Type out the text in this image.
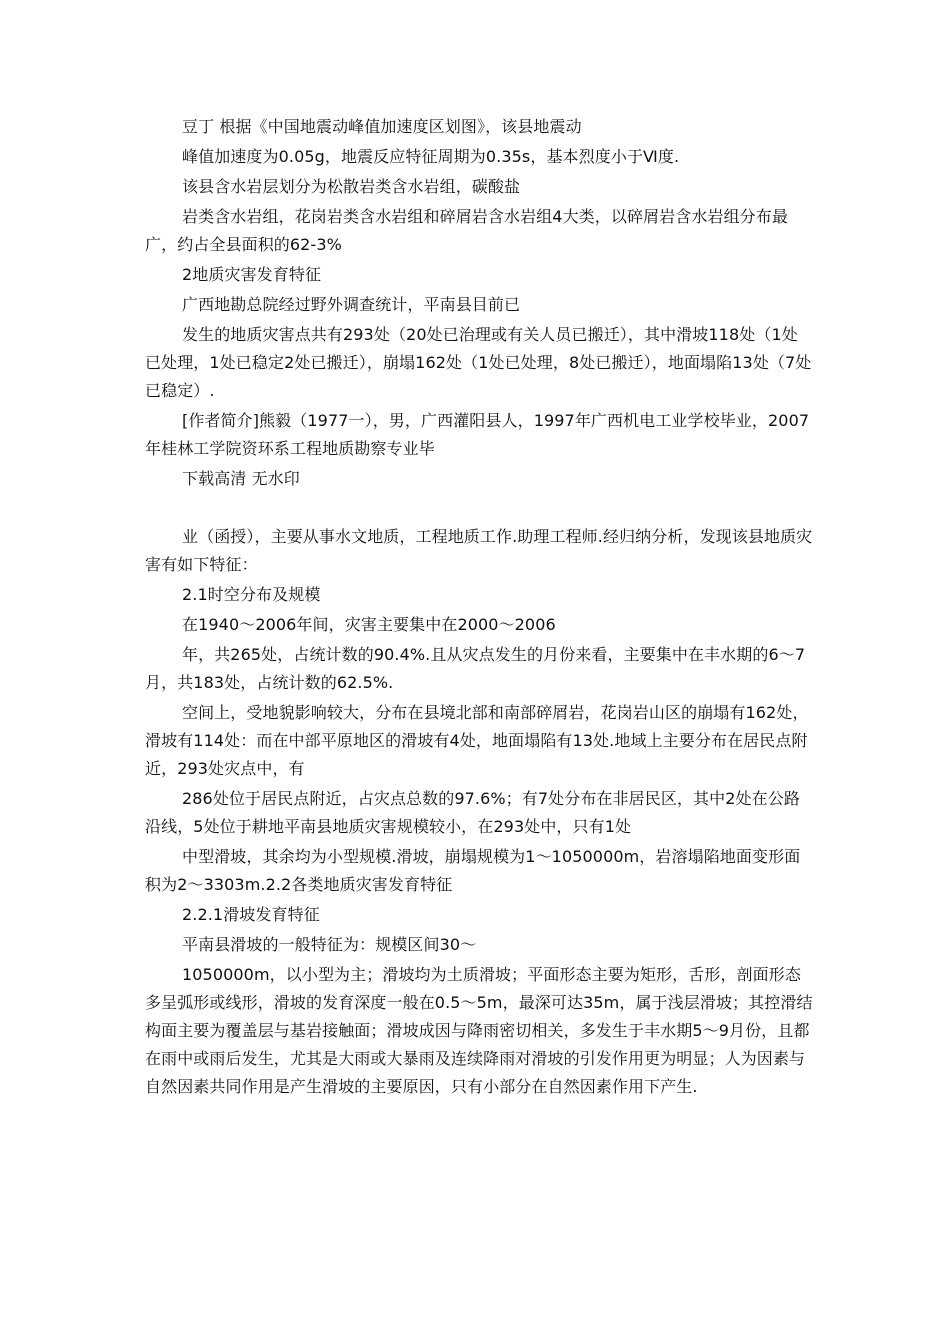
豆丁 根据《中国地震动峰值加速度区划图》，该县地震动

峰值加速度为0.05g，地震反应特征周期为0.35s，基本烈度小于Ⅵ度.

该县含水岩层划分为松散岩类含水岩组，碳酸盐

岩类含水岩组，花岗岩类含水岩组和碎屑岩含水岩组4大类，以碎屑岩含水岩组分布最广，约占全县面积的62-3%

2地质灾害发育特征

广西地勘总院经过野外调查统计，平南县目前已

发生的地质灾害点共有293处（20处已治理或有关人员已搬迁），其中滑坡118处（1处已处理，1处已稳定2处已搬迁），崩塌162处（1处已处理，8处已搬迁），地面塌陷13处（7处已稳定）.

[作者简介]熊毅（1977一），男，广西灌阳县人，1997年广西机电工业学校毕业，2007年桂林工学院资环系工程地质勘察专业毕

下载高清 无水印

业（函授），主要从事水文地质，工程地质工作.助理工程师.经归纳分析，发现该县地质灾害有如下特征：

2.1时空分布及规模

在1940～2006年间，灾害主要集中在2000～2006

年，共265处，占统计数的90.4%.且从灾点发生的月份来看，主要集中在丰水期的6～7月，共183处，占统计数的62.5%.

空间上，受地貌影响较大，分布在县境北部和南部碎屑岩，花岗岩山区的崩塌有162处，滑坡有114处：而在中部平原地区的滑坡有4处，地面塌陷有13处.地域上主要分布在居民点附近，293处灾点中，有

286处位于居民点附近，占灾点总数的97.6%；有7处分布在非居民区，其中2处在公路沿线，5处位于耕地平南县地质灾害规模较小，在293处中，只有1处

中型滑坡，其余均为小型规模.滑坡，崩塌规模为1～1050000m，岩溶塌陷地面变形面积为2～3303m.2.2各类地质灾害发育特征

2.2.1滑坡发育特征

平南县滑坡的一般特征为：规模区间30～

1050000m，以小型为主；滑坡均为土质滑坡；平面形态主要为矩形，舌形，剖面形态多呈弧形或线形，滑坡的发育深度一般在0.5～5m，最深可达35m，属于浅层滑坡；其控滑结构面主要为覆盖层与基岩接触面；滑坡成因与降雨密切相关，多发生于丰水期5～9月份，且都在雨中或雨后发生，尤其是大雨或大暴雨及连续降雨对滑坡的引发作用更为明显；人为因素与自然因素共同作用是产生滑坡的主要原因，只有小部分在自然因素作用下产生.
